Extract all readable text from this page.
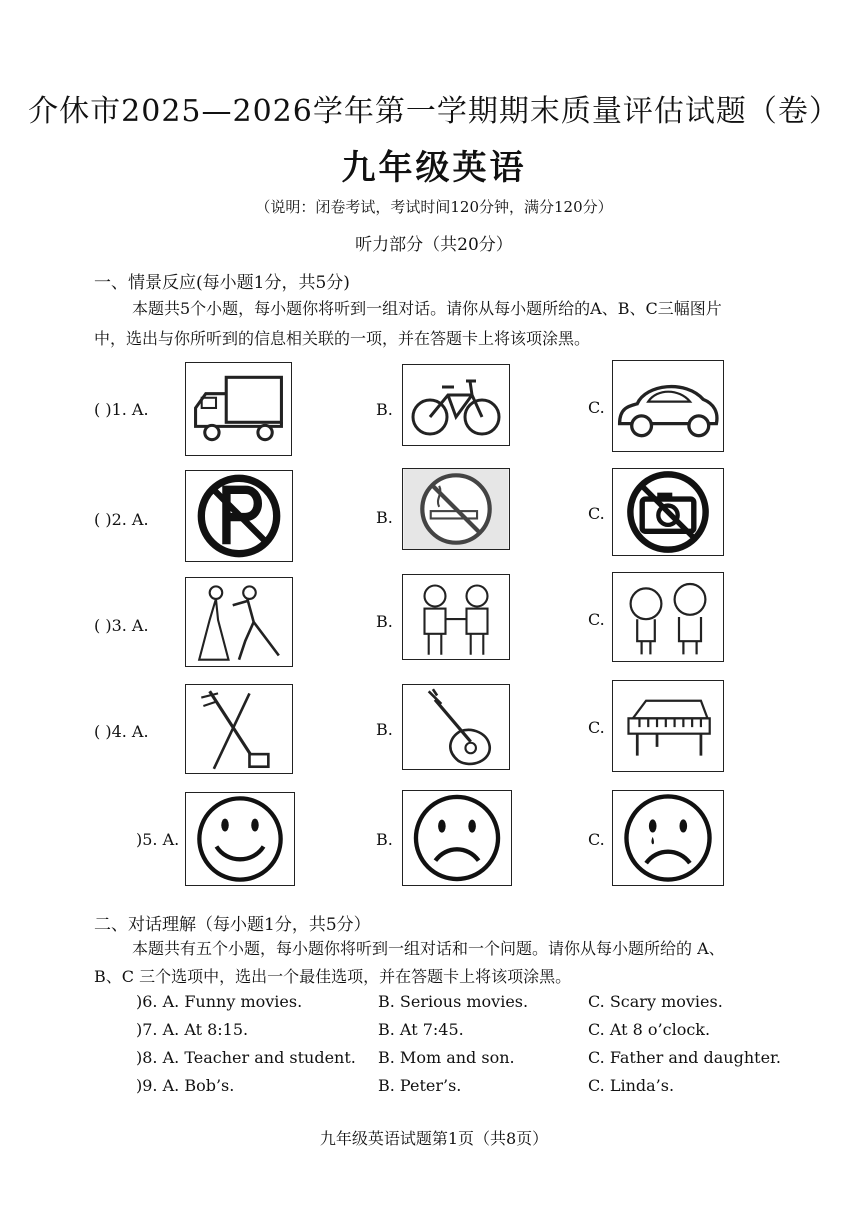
介休市2025—2026学年第一学期期末质量评估试题（卷）
九年级英语
（说明：闭卷考试，考试时间120分钟，满分120分）
听力部分（共20分）
一、情景反应(每小题1分，共5分)
本题共5个小题，每小题你将听到一组对话。请你从每小题所给的A、B、C三幅图片
中，选出与你所听到的信息相关联的一项，并在答题卡上将该项涂黑。
( )1. A.	B.	C.
( )2. A.	B.	C.
( )3. A.	B.	C.
( )4. A.	B.	C.
)5. A.	B.	C.
二、对话理解（每小题1分，共5分）
本题共有五个小题，每小题你将听到一组对话和一个问题。请你从每小题所给的 A、
B、C 三个选项中，选出一个最佳选项，并在答题卡上将该项涂黑。
)6. A. Funny movies.	B. Serious movies.	C. Scary movies.
)7. A. At 8:15.	B. At 7:45.	C. At 8 o’clock.
)8. A. Teacher and student. B. Mom and son.	C. Father and daughter.
)9. A. Bob’s.	B. Peter’s.	C. Linda’s.
九年级英语试题第1页（共8页）
